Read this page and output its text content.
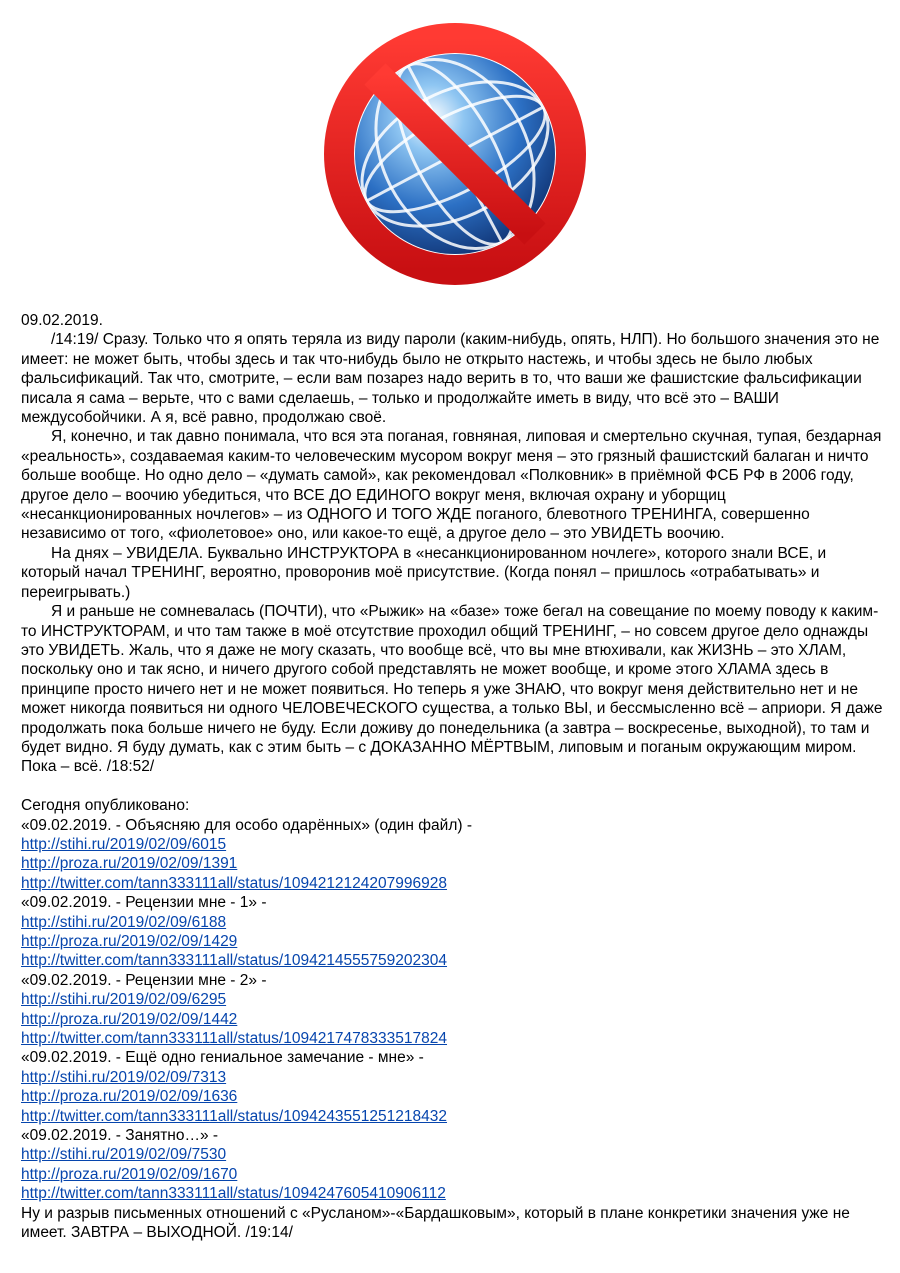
09.02.2019.

/14:19/ Сразу. Только что я опять теряла из виду пароли (каким-нибудь, опять, НЛП). Но большого значения это не имеет: не может быть, чтобы здесь и так что-нибудь было не открыто настежь, и чтобы здесь не было любых фальсификаций. Так что, смотрите, – если вам позарез надо верить в то, что ваши же фашистские фальсификации писала я сама – верьте, что с вами сделаешь, – только и продолжайте иметь в виду, что всё это – ВАШИ междусобойчики. А я, всё равно, продолжаю своё.

Я, конечно, и так давно понимала, что вся эта поганая, говняная, липовая и смертельно скучная, тупая, бездарная «реальность», создаваемая каким-то человеческим мусором вокруг меня – это грязный фашистский балаган и ничто больше вообще. Но одно дело – «думать самой», как рекомендовал «Полковник» в приёмной ФСБ РФ в 2006 году, другое дело – воочию убедиться, что ВСЕ ДО ЕДИНОГО вокруг меня, включая охрану и уборщиц «несанкционированных ночлегов» – из ОДНОГО И ТОГО ЖДЕ поганого, блевотного ТРЕНИНГА, совершенно независимо от того, «фиолетовое» оно, или какое-то ещё, а другое дело – это УВИДЕТЬ воочию.

На днях – УВИДЕЛА. Буквально ИНСТРУКТОРА в «несанкционированном ночлеге», которого знали ВСЕ, и который начал ТРЕНИНГ, вероятно, проворонив моё присутствие. (Когда понял – пришлось «отрабатывать» и переигрывать.)

Я и раньше не сомневалась (ПОЧТИ), что «Рыжик» на «базе» тоже бегал на совещание по моему поводу к каким-то ИНСТРУКТОРАМ, и что там также в моё отсутствие проходил общий ТРЕНИНГ, – но совсем другое дело однажды это УВИДЕТЬ. Жаль, что я даже не могу сказать, что вообще всё, что вы мне втюхивали, как ЖИЗНЬ – это ХЛАМ, поскольку оно и так ясно, и ничего другого собой представлять не может вообще, и кроме этого ХЛАМА здесь в принципе просто ничего нет и не может появиться. Но теперь я уже ЗНАЮ, что вокруг меня действительно нет и не может никогда появиться ни одного ЧЕЛОВЕЧЕСКОГО существа, а только ВЫ, и бессмысленно всё – априори. Я даже продолжать пока больше ничего не буду. Если доживу до понедельника (а завтра – воскресенье, выходной), то там и будет видно. Я буду думать, как с этим быть – с ДОКАЗАННО МЁРТВЫМ, липовым и поганым окружающим миром. Пока – всё. /18:52/

Сегодня опубликовано:

«09.02.2019. - Объясняю для особо одарённых» (один файл) -
http://stihi.ru/2019/02/09/6015
http://proza.ru/2019/02/09/1391
http://twitter.com/tann333111all/status/1094212124207996928
«09.02.2019. - Рецензии мне - 1» -
http://stihi.ru/2019/02/09/6188
http://proza.ru/2019/02/09/1429
http://twitter.com/tann333111all/status/1094214555759202304
«09.02.2019. - Рецензии мне - 2» -
http://stihi.ru/2019/02/09/6295
http://proza.ru/2019/02/09/1442
http://twitter.com/tann333111all/status/1094217478333517824
«09.02.2019. - Ещё одно гениальное замечание - мне» -
http://stihi.ru/2019/02/09/7313
http://proza.ru/2019/02/09/1636
http://twitter.com/tann333111all/status/1094243551251218432
«09.02.2019. - Занятно…» -
http://stihi.ru/2019/02/09/7530
http://proza.ru/2019/02/09/1670
http://twitter.com/tann333111all/status/1094247605410906112

Ну и разрыв письменных отношений с «Русланом»-«Бардашковым», который в плане конкретики значения уже не имеет. ЗАВТРА – ВЫХОДНОЙ. /19:14/
